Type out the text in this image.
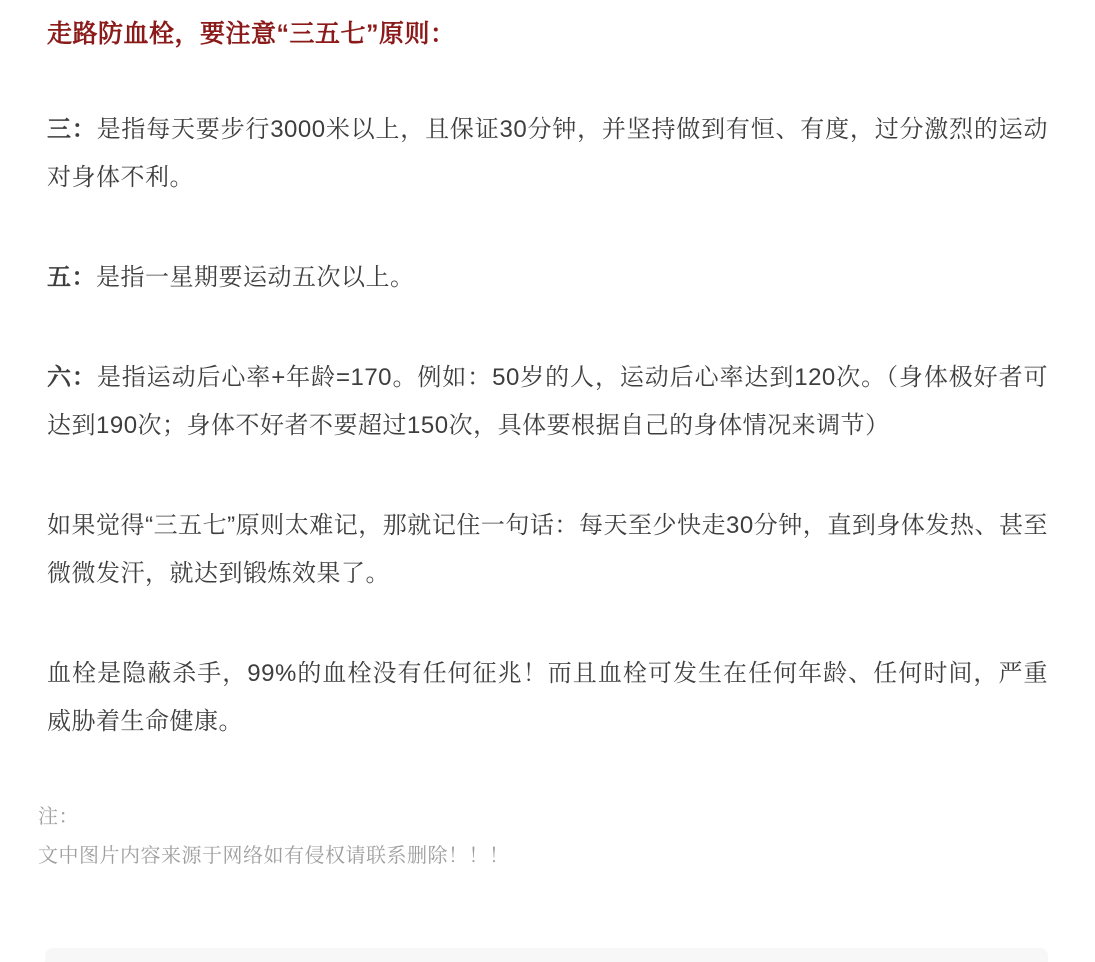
走路防血栓，要注意“三五七”原则：

三：是指每天要步行3000米以上，且保证30分钟，并坚持做到有恒、有度，过分激烈的运动对身体不利。

五：是指一星期要运动五次以上。

六：是指运动后心率+年龄=170。例如：50岁的人，运动后心率达到120次。（身体极好者可达到190次；身体不好者不要超过150次，具体要根据自己的身体情况来调节）

如果觉得“三五七”原则太难记，那就记住一句话：每天至少快走30分钟，直到身体发热、甚至微微发汗，就达到锻炼效果了。

血栓是隐蔽杀手，99%的血栓没有任何征兆！而且血栓可发生在任何年龄、任何时间，严重威胁着生命健康。

注：
文中图片内容来源于网络如有侵权请联系删除！！！
